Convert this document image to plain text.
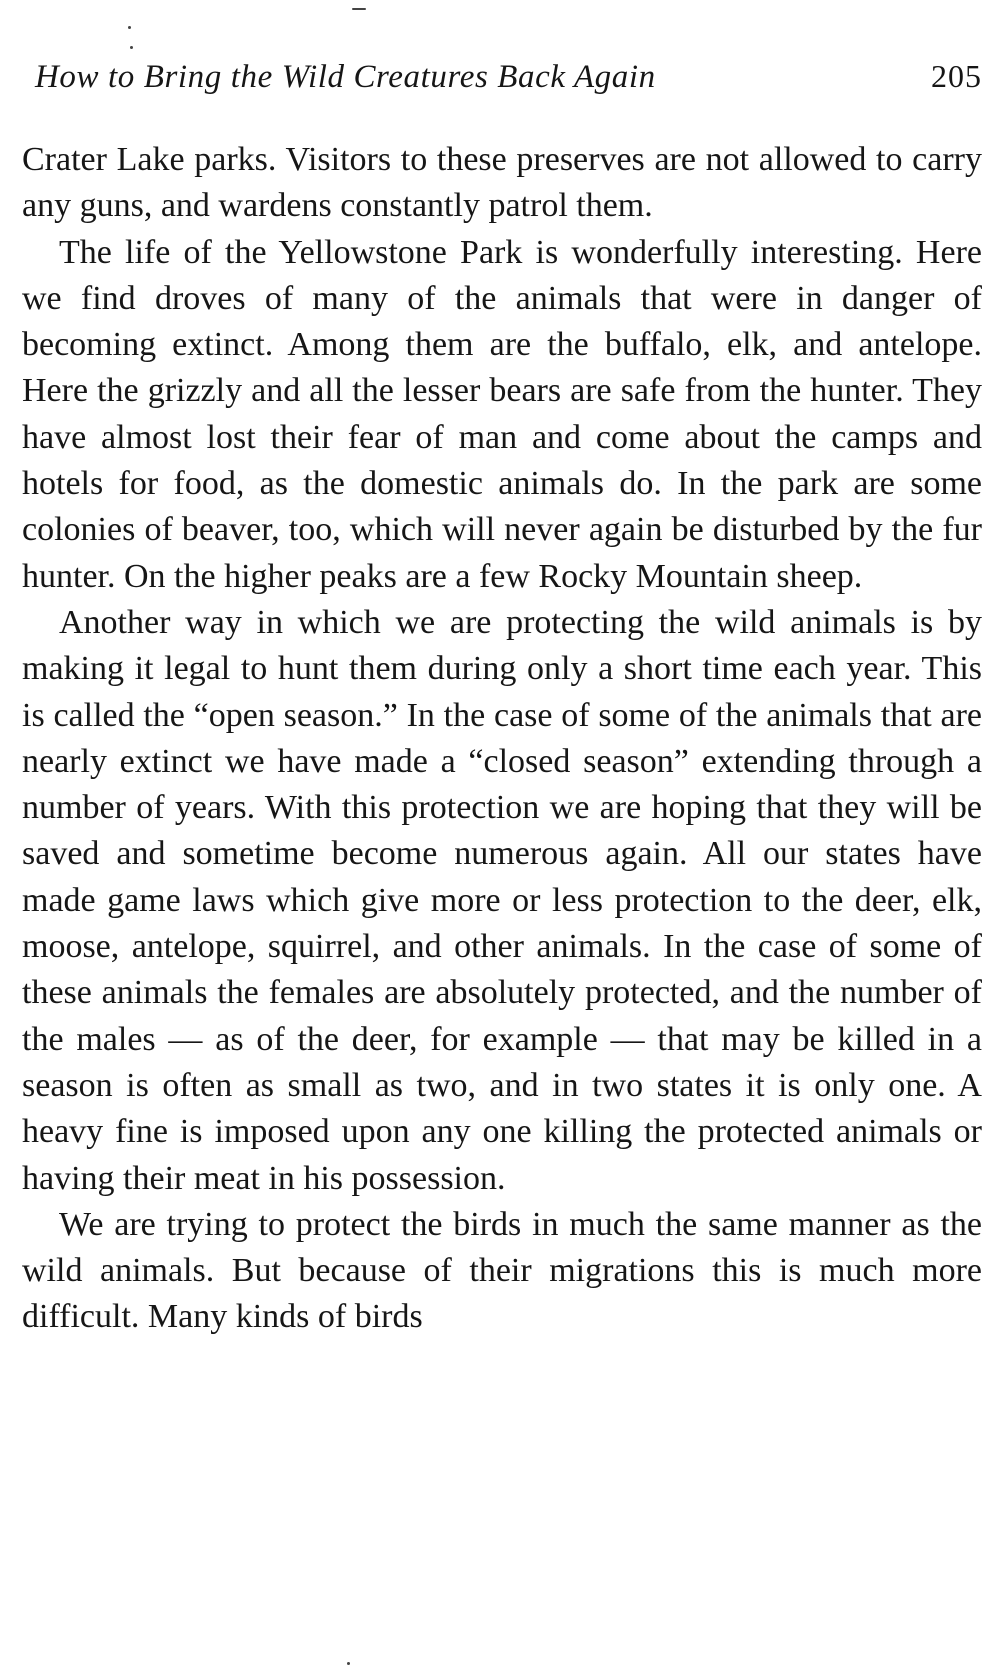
How to Bring the Wild Creatures Back Again	205

Crater Lake parks. Visitors to these preserves are not allowed to carry any guns, and wardens constantly patrol them.

The life of the Yellowstone Park is wonderfully interesting. Here we find droves of many of the animals that were in danger of becoming extinct. Among them are the buffalo, elk, and antelope. Here the grizzly and all the lesser bears are safe from the hunter. They have almost lost their fear of man and come about the camps and hotels for food, as the domestic animals do. In the park are some colonies of beaver, too, which will never again be disturbed by the fur hunter. On the higher peaks are a few Rocky Mountain sheep.

Another way in which we are protecting the wild animals is by making it legal to hunt them during only a short time each year. This is called the “open season.” In the case of some of the animals that are nearly extinct we have made a “closed season” extending through a number of years. With this protection we are hoping that they will be saved and sometime become numerous again. All our states have made game laws which give more or less protection to the deer, elk, moose, antelope, squirrel, and other animals. In the case of some of these animals the females are absolutely protected, and the number of the males — as of the deer, for example — that may be killed in a season is often as small as two, and in two states it is only one. A heavy fine is imposed upon any one killing the protected animals or having their meat in his possession.

We are trying to protect the birds in much the same manner as the wild animals. But because of their migrations this is much more difficult. Many kinds of birds
